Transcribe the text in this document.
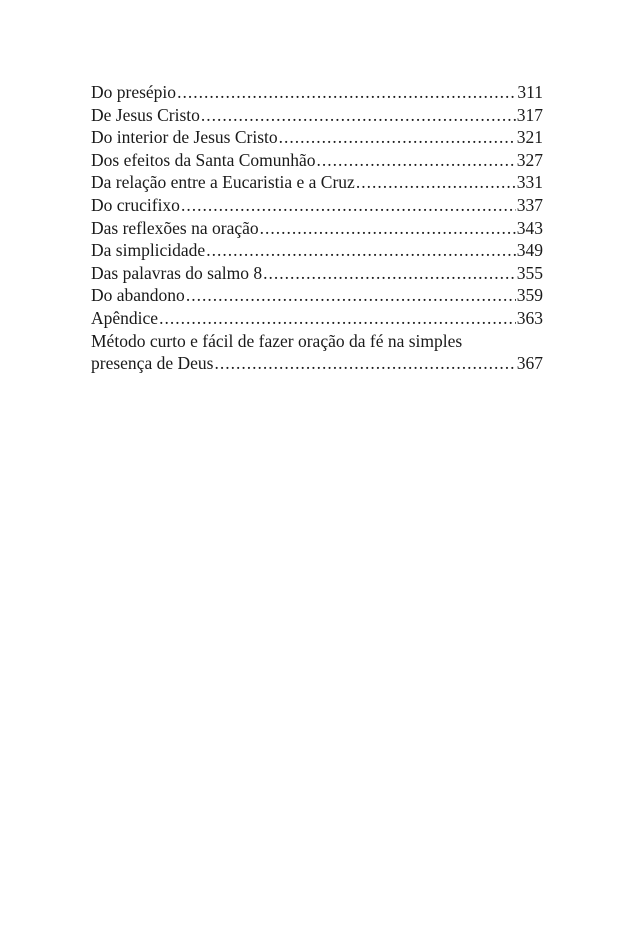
Do presépio .....	311
De Jesus Cristo .....	317
Do interior de Jesus Cristo .....	321
Dos efeitos da Santa Comunhão .....	327
Da relação entre a Eucaristia e a Cruz .....	331
Do crucifixo .....	337
Das reflexões na oração .....	343
Da simplicidade .....	349
Das palavras do salmo 8 .....	355
Do abandono .....	359
Apêndice .....	363
Método curto e fácil de fazer oração da fé na simples
presença de Deus .....	367
